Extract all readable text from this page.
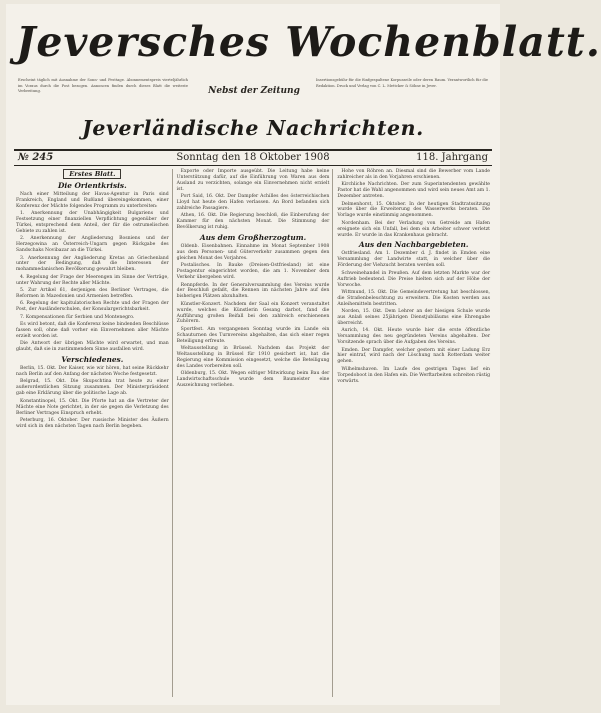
Jeversches Wochenblatt.
Erscheint täglich mit Ausnahme der Sonn- und Festtage. Abonnementspreis vierteljährlich im Voraus durch die Post bezogen. Annoncen finden durch dieses Blatt die weiteste Verbreitung.	Nebst der Zeitung
Insertionsgebühr für die fünfgespaltene Korpuszeile oder deren Raum. Verantwortlich für die Redaktion. Druck und Verlag von C. L. Mettcker & Söhne in Jever.
Jeverländische Nachrichten.
№ 245	Sonntag den 18 Oktober 1908	118. Jahrgang
Erstes Blatt.
Die Orientkrisis.

Nach einer Mitteilung der Havas-Agentur in Paris sind Frankreich, England und Rußland übereingekommen, einer Konferenz der Mächte folgendes Programm zu unterbreiten:

1. Anerkennung der Unabhängigkeit Bulgariens und Festsetzung einer finanziellen Verpflichtung gegenüber der Türkei, entsprechend dem Anteil, der für die ostrumelischen Gebiete zu zahlen ist.

2. Anerkennung der Angliederung Bosniens und der Herzegowina an Österreich-Ungarn gegen Rückgabe des Sandschaks Novibazar an die Türkei.

3. Anerkennung der Angliederung Kretas an Griechenland unter der Bedingung, daß die Interessen der mohammedanischen Bevölkerung gewahrt bleiben.

4. Regelung der Frage der Meerengen im Sinne der Verträge, unter Wahrung der Rechte aller Mächte.

5. Zur Artikel 61, derjenigen des Berliner Vertrages, die Reformen in Mazedonien und Armenien betreffen.

6. Regelung der kapitulatorischen Rechte und der Fragen der Post, der Ausländerschulen, der Konsulargerichtsbarkeit.

7. Kompensationen für Serbien und Montenegro.

Es wird betont, daß die Konferenz keine bindenden Beschlüsse fassen soll, ohne daß vorher ein Einvernehmen aller Mächte erzielt worden ist.

Die Antwort der übrigen Mächte wird erwartet, und man glaubt, daß sie in zustimmendem Sinne ausfallen wird.

Verschiedenes.

Berlin, 15. Okt. Der Kaiser, wie wir hören, hat seine Rückkehr nach Berlin auf den Anfang der nächsten Woche festgesetzt.

Belgrad, 15. Okt. Die Skupschtina trat heute zu einer außerordentlichen Sitzung zusammen. Der Ministerpräsident gab eine Erklärung über die politische Lage ab.

Konstantinopel, 15. Okt. Die Pforte hat an die Vertreter der Mächte eine Note gerichtet, in der sie gegen die Verletzung des Berliner Vertrages Einspruch erhebt.

Peterburg, 16. Oktober. Der russische Minister des Äußern wird sich in den nächsten Tagen nach Berlin begeben.

Exporte oder Importe ausgeübt. Die Leitung habe keine Unterstützung dafür, auf die Einführung von Waren aus dem Ausland zu verzichten, solange ein Einvernehmen nicht erzielt ist.

Port Said, 16. Okt. Der Dampfer Achilles des österreichischen Lloyd hat heute den Hafen verlassen. An Bord befanden sich zahlreiche Passagiere.

Athen, 16. Okt. Die Regierung beschloß, die Einberufung der Kammer für den nächsten Monat. Die Stimmung der Bevölkerung ist ruhig.

Aus dem Großherzogtum.

Oldenb. Eisenbahnen. Einnahme im Monat September 1908 aus dem Personen- und Güterverkehr zusammen gegen den gleichen Monat des Vorjahres.

Postalisches. In Bauke (Dreisen-Ostfriesland) ist eine Postagentur eingerichtet worden, die am 1. November dem Verkehr übergeben wird.

Rennpferde. In der Generalversammlung des Vereins wurde der Beschluß gefaßt, die Rennen im nächsten Jahre auf den bisherigen Plätzen abzuhalten.

Künstler-Konzert. Nachdem der Saal ein Konzert veranstaltet wurde, welches die Künstlerin Gesang darbot, fand die Aufführung großen Beifall bei den zahlreich erschienenen Zuhörern.

Sportfest. Am vergangenen Sonntag wurde im Lande ein Schauturnen des Turnvereins abgehalten, das sich einer regen Beteiligung erfreute.

Weltausstellung in Brüssel. Nachdem das Projekt der Weltausstellung in Brüssel für 1910 gesichert ist, hat die Regierung eine Kommission eingesetzt, welche die Beteiligung des Landes vorbereiten soll.

Oldenburg, 15. Okt. Wegen eifriger Mitwirkung beim Bau der Landwirtschaftsschule wurde dem Baumeister eine Auszeichnung verliehen.

Hohe von Röhren an. Diesmal sind die Bewerber vom Lande zahlreicher als in den Vorjahren erschienen.

Kirchliche Nachrichten. Der zum Superintendenten gewählte Pastor hat die Wahl angenommen und wird sein neues Amt am 1. Dezember antreten.

Delmenhorst, 15. Oktober. In der heutigen Stadtratssitzung wurde über die Erweiterung des Wasserwerks beraten. Die Vorlage wurde einstimmig angenommen.

Nordenham. Bei der Verladung von Getreide am Hafen ereignete sich ein Unfall, bei dem ein Arbeiter schwer verletzt wurde. Er wurde in das Krankenhaus gebracht.

Aus den Nachbargebieten.

Ostfriesland. Am 1. Dezember d. J. findet in Emden eine Versammlung der Landwirte statt, in welcher über die Förderung der Viehzucht beraten werden soll.

Schweinehandel in Preußen. Auf dem letzten Markte war der Auftrieb bedeutend. Die Preise hielten sich auf der Höhe der Vorwoche.

Wittmund, 15. Okt. Die Gemeindevertretung hat beschlossen, die Straßenbeleuchtung zu erweitern. Die Kosten werden aus Anleihemitteln bestritten.

Norden, 15. Okt. Dem Lehrer an der hiesigen Schule wurde aus Anlaß seines 25jährigen Dienstjubiläums eine Ehrengabe überreicht.

Aurich, 14. Okt. Heute wurde hier die erste öffentliche Versammlung des neu gegründeten Vereins abgehalten. Der Vorsitzende sprach über die Aufgaben des Vereins.

Emden. Der Dampfer, welcher gestern mit einer Ladung Erz hier eintraf, wird nach der Löschung nach Rotterdam weiter gehen.

Wilhelmshaven. Im Laufe des gestrigen Tages lief ein Torpedoboot in den Hafen ein. Die Werftarbeiten schreiten rüstig vorwärts.
